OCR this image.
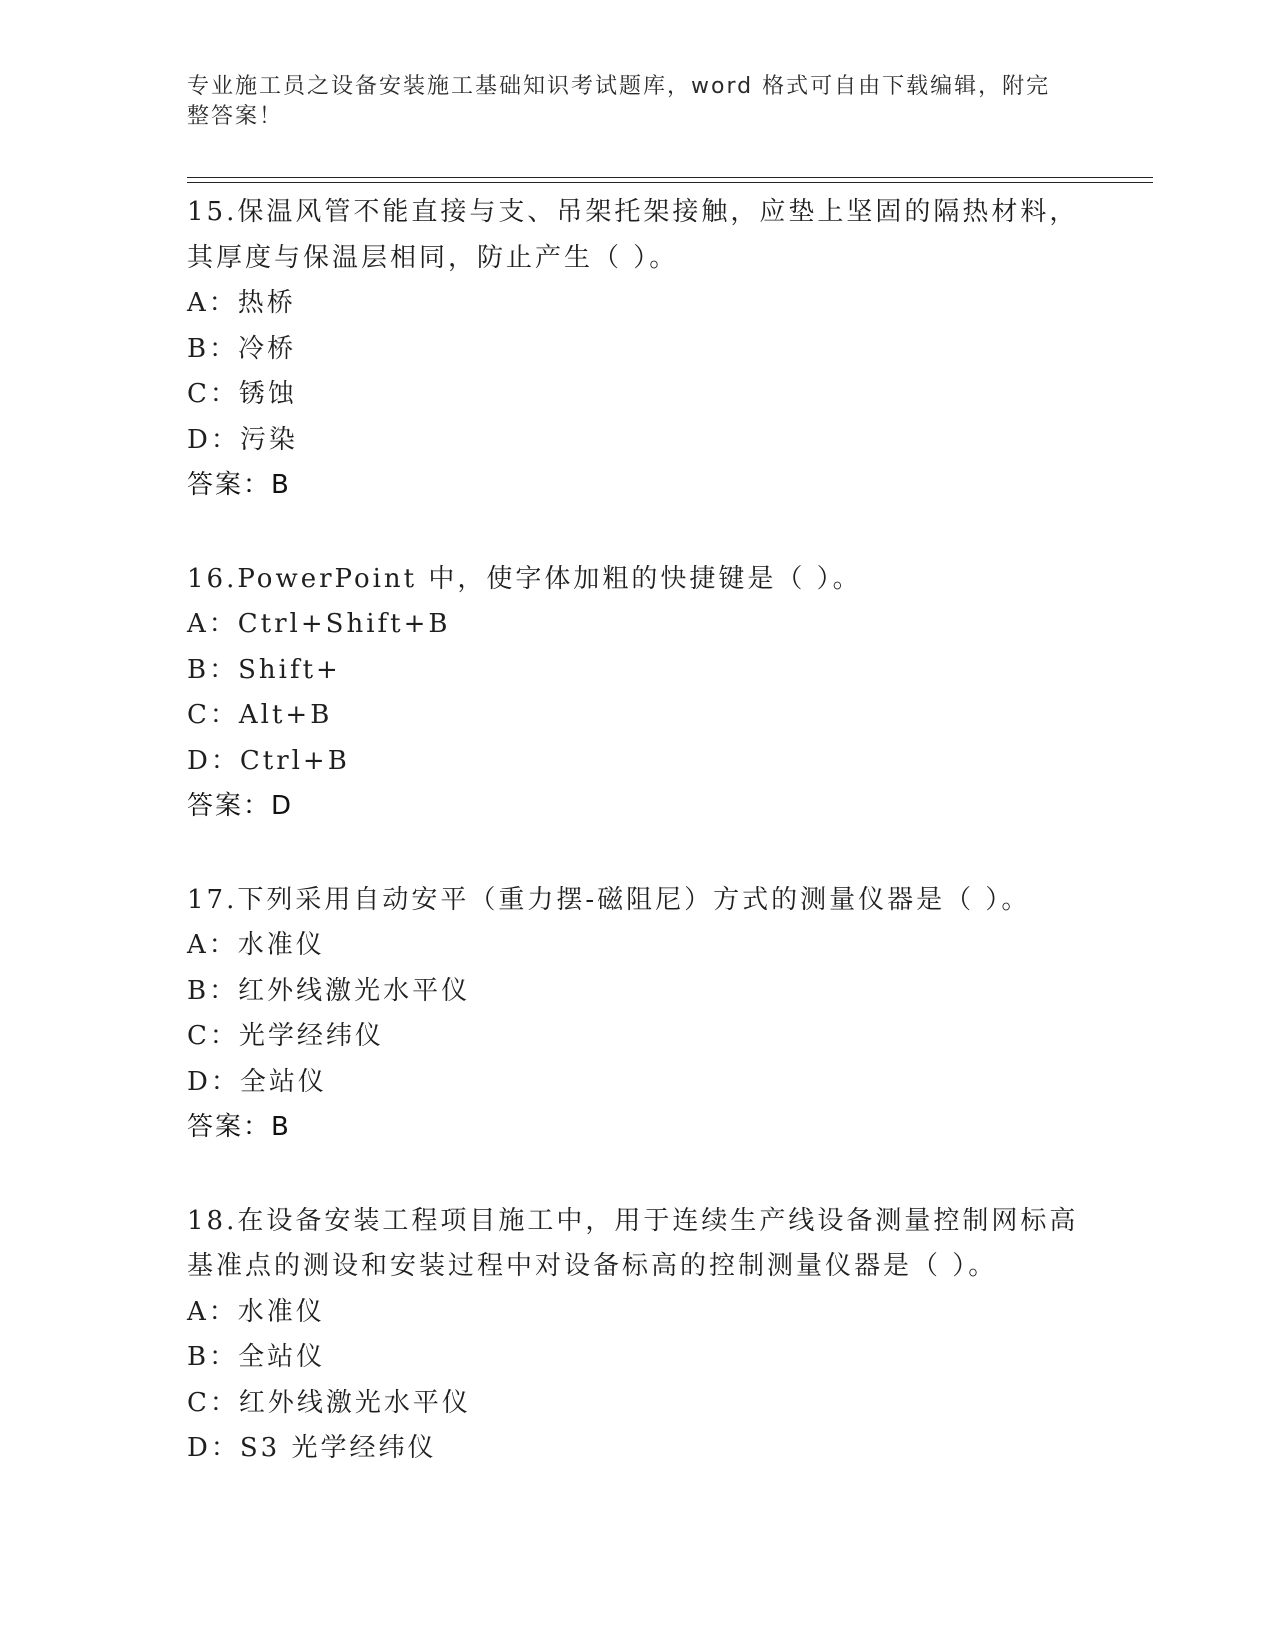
专业施工员之设备安装施工基础知识考试题库，word 格式可自由下载编辑，附完
整答案！
15.保温风管不能直接与支、吊架托架接触，应垫上坚固的隔热材料，
其厚度与保温层相同，防止产生（ ）。
A：热桥
B：冷桥
C：锈蚀
D：污染
答案：B
16.PowerPoint 中，使字体加粗的快捷键是（ ）。
A：Ctrl+Shift+B
B：Shift+
C：Alt+B
D：Ctrl+B
答案：D
17.下列采用自动安平（重力摆-磁阻尼）方式的测量仪器是（ ）。
A：水准仪
B：红外线激光水平仪
C：光学经纬仪
D：全站仪
答案：B
18.在设备安装工程项目施工中，用于连续生产线设备测量控制网标高
基准点的测设和安装过程中对设备标高的控制测量仪器是（ ）。
A：水准仪
B：全站仪
C：红外线激光水平仪
D：S3 光学经纬仪
